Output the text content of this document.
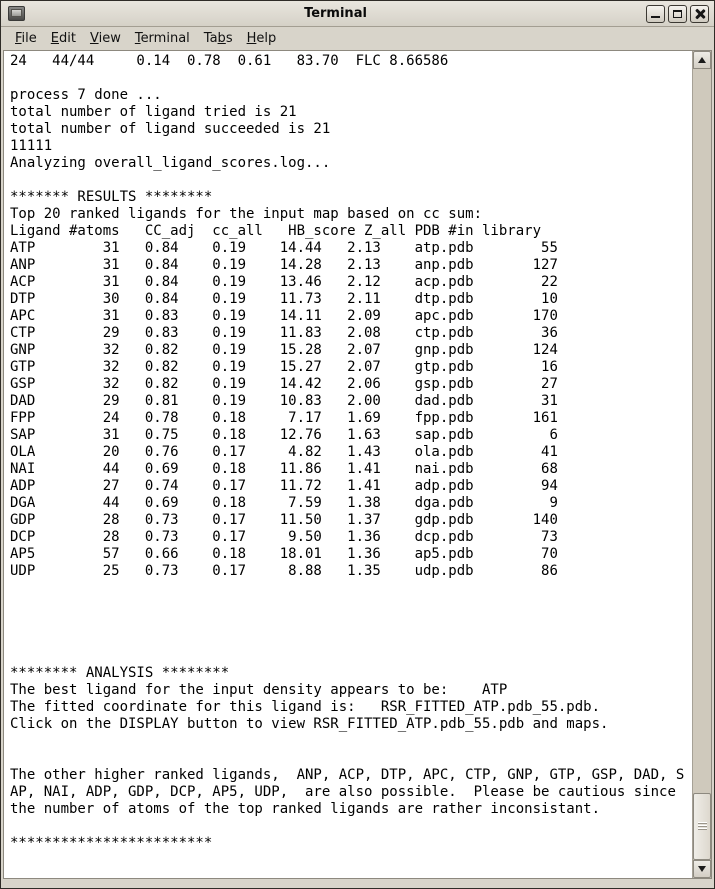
Terminal
File	Edit	View	Terminal	Tabs	Help
24   44/44     0.14  0.78  0.61   83.70  FLC 8.66586

process 7 done ...
total number of ligand tried is 21
total number of ligand succeeded is 21
11111
Analyzing overall_ligand_scores.log...

******* RESULTS ********
Top 20 ranked ligands for the input map based on cc sum:
Ligand #atoms   CC_adj  cc_all   HB_score Z_all PDB #in library
ATP        31   0.84    0.19    14.44   2.13    atp.pdb        55
ANP        31   0.84    0.19    14.28   2.13    anp.pdb       127
ACP        31   0.84    0.19    13.46   2.12    acp.pdb        22
DTP        30   0.84    0.19    11.73   2.11    dtp.pdb        10
APC        31   0.83    0.19    14.11   2.09    apc.pdb       170
CTP        29   0.83    0.19    11.83   2.08    ctp.pdb        36
GNP        32   0.82    0.19    15.28   2.07    gnp.pdb       124
GTP        32   0.82    0.19    15.27   2.07    gtp.pdb        16
GSP        32   0.82    0.19    14.42   2.06    gsp.pdb        27
DAD        29   0.81    0.19    10.83   2.00    dad.pdb        31
FPP        24   0.78    0.18     7.17   1.69    fpp.pdb       161
SAP        31   0.75    0.18    12.76   1.63    sap.pdb         6
OLA        20   0.76    0.17     4.82   1.43    ola.pdb        41
NAI        44   0.69    0.18    11.86   1.41    nai.pdb        68
ADP        27   0.74    0.17    11.72   1.41    adp.pdb        94
DGA        44   0.69    0.18     7.59   1.38    dga.pdb         9
GDP        28   0.73    0.17    11.50   1.37    gdp.pdb       140
DCP        28   0.73    0.17     9.50   1.36    dcp.pdb        73
AP5        57   0.66    0.18    18.01   1.36    ap5.pdb        70
UDP        25   0.73    0.17     8.88   1.35    udp.pdb        86

******** ANALYSIS ********
The best ligand for the input density appears to be:    ATP
The fitted coordinate for this ligand is:   RSR_FITTED_ATP.pdb_55.pdb.
Click on the DISPLAY button to view RSR_FITTED_ATP.pdb_55.pdb and maps.

The other higher ranked ligands,  ANP, ACP, DTP, APC, CTP, GNP, GTP, GSP, DAD, S
AP, NAI, ADP, GDP, DCP, AP5, UDP,  are also possible.  Please be cautious since
the number of atoms of the top ranked ligands are rather inconsistant.

************************
